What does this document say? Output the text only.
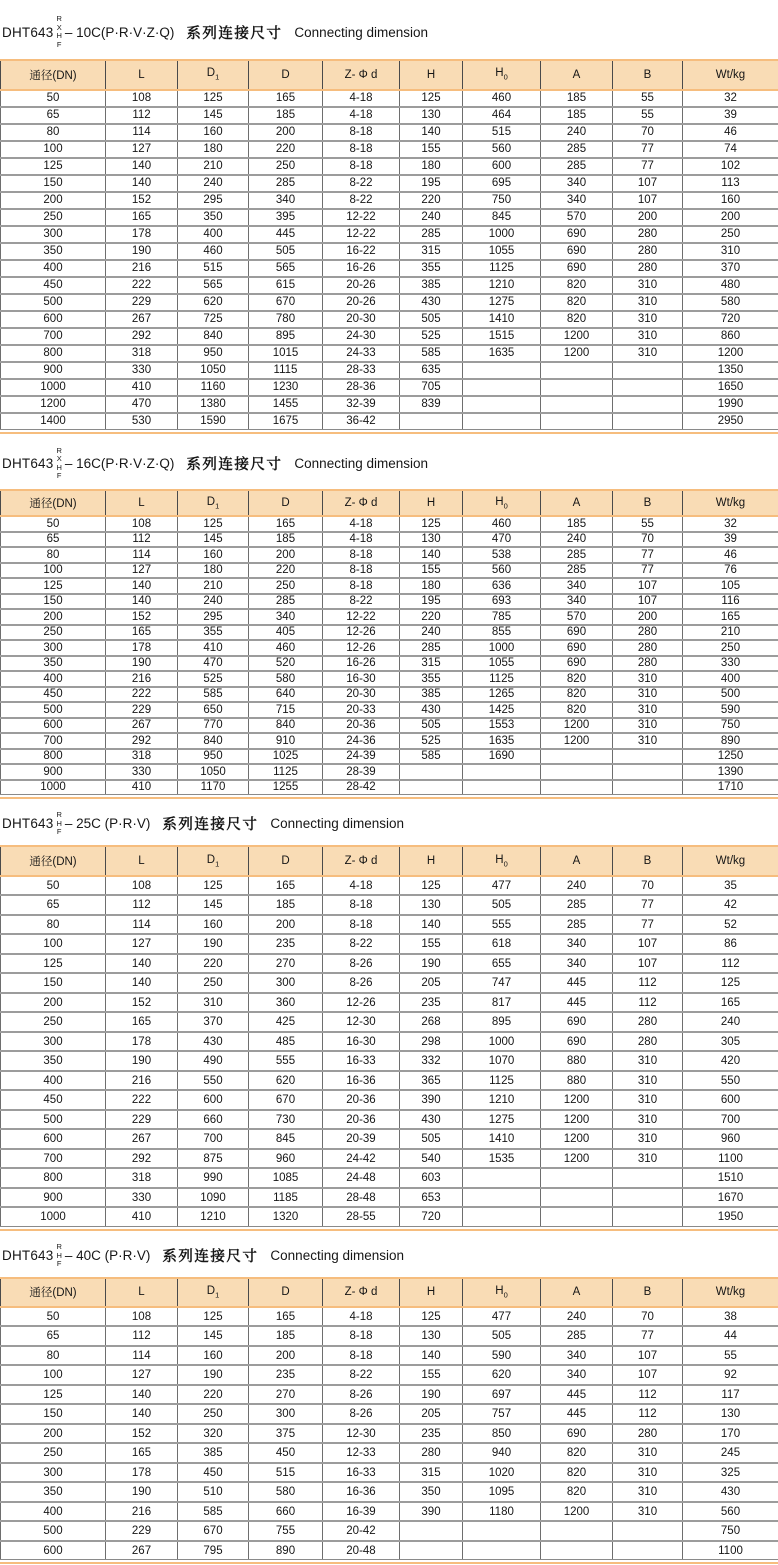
DHT643
R
X
H
F
– 10C(P·R·V·Z·Q) 系列连接尺寸 Connecting dimension
通径(DN)	L	$D_1$	D	Z- Φ d	H	$H_0$	A	B	Wt/kg
50	108	125	165	4-18	125	460	185	55	32
65	112	145	185	4-18	130	464	185	55	39
80	114	160	200	8-18	140	515	240	70	46
100	127	180	220	8-18	155	560	285	77	74
125	140	210	250	8-18	180	600	285	77	102
150	140	240	285	8-22	195	695	340	107	113
200	152	295	340	8-22	220	750	340	107	160
250	165	350	395	12-22	240	845	570	200	200
300	178	400	445	12-22	285	1000	690	280	250
350	190	460	505	16-22	315	1055	690	280	310
400	216	515	565	16-26	355	1125	690	280	370
450	222	565	615	20-26	385	1210	820	310	480
500	229	620	670	20-26	430	1275	820	310	580
600	267	725	780	20-30	505	1410	820	310	720
700	292	840	895	24-30	525	1515	1200	310	860
800	318	950	1015	24-33	585	1635	1200	310	1200
900	330	1050	1115	28-33	635				1350
1000	410	1160	1230	28-36	705				1650
1200	470	1380	1455	32-39	839				1990
1400	530	1590	1675	36-42					2950
DHT643
R
X
H
F
– 16C(P·R·V·Z·Q) 系列连接尺寸 Connecting dimension
通径(DN)	L	$D_1$	D	Z- Φ d	H	$H_0$	A	B	Wt/kg
50	108	125	165	4-18	125	460	185	55	32
65	112	145	185	4-18	130	470	240	70	39
80	114	160	200	8-18	140	538	285	77	46
100	127	180	220	8-18	155	560	285	77	76
125	140	210	250	8-18	180	636	340	107	105
150	140	240	285	8-22	195	693	340	107	116
200	152	295	340	12-22	220	785	570	200	165
250	165	355	405	12-26	240	855	690	280	210
300	178	410	460	12-26	285	1000	690	280	250
350	190	470	520	16-26	315	1055	690	280	330
400	216	525	580	16-30	355	1125	820	310	400
450	222	585	640	20-30	385	1265	820	310	500
500	229	650	715	20-33	430	1425	820	310	590
600	267	770	840	20-36	505	1553	1200	310	750
700	292	840	910	24-36	525	1635	1200	310	890
800	318	950	1025	24-39	585	1690			1250
900	330	1050	1125	28-39					1390
1000	410	1170	1255	28-42					1710
DHT643
R
H
F
– 25C (P·R·V) 系列连接尺寸 Connecting dimension
通径(DN)	L	$D_1$	D	Z- Φ d	H	$H_0$	A	B	Wt/kg
50	108	125	165	4-18	125	477	240	70	35
65	112	145	185	8-18	130	505	285	77	42
80	114	160	200	8-18	140	555	285	77	52
100	127	190	235	8-22	155	618	340	107	86
125	140	220	270	8-26	190	655	340	107	112
150	140	250	300	8-26	205	747	445	112	125
200	152	310	360	12-26	235	817	445	112	165
250	165	370	425	12-30	268	895	690	280	240
300	178	430	485	16-30	298	1000	690	280	305
350	190	490	555	16-33	332	1070	880	310	420
400	216	550	620	16-36	365	1125	880	310	550
450	222	600	670	20-36	390	1210	1200	310	600
500	229	660	730	20-36	430	1275	1200	310	700
600	267	700	845	20-39	505	1410	1200	310	960
700	292	875	960	24-42	540	1535	1200	310	1100
800	318	990	1085	24-48	603				1510
900	330	1090	1185	28-48	653				1670
1000	410	1210	1320	28-55	720				1950
DHT643
R
H
F
– 40C (P·R·V) 系列连接尺寸 Connecting dimension
通径(DN)	L	$D_1$	D	Z- Φ d	H	$H_0$	A	B	Wt/kg
50	108	125	165	4-18	125	477	240	70	38
65	112	145	185	8-18	130	505	285	77	44
80	114	160	200	8-18	140	590	340	107	55
100	127	190	235	8-22	155	620	340	107	92
125	140	220	270	8-26	190	697	445	112	117
150	140	250	300	8-26	205	757	445	112	130
200	152	320	375	12-30	235	850	690	280	170
250	165	385	450	12-33	280	940	820	310	245
300	178	450	515	16-33	315	1020	820	310	325
350	190	510	580	16-36	350	1095	820	310	430
400	216	585	660	16-39	390	1180	1200	310	560
500	229	670	755	20-42					750
600	267	795	890	20-48					1100
